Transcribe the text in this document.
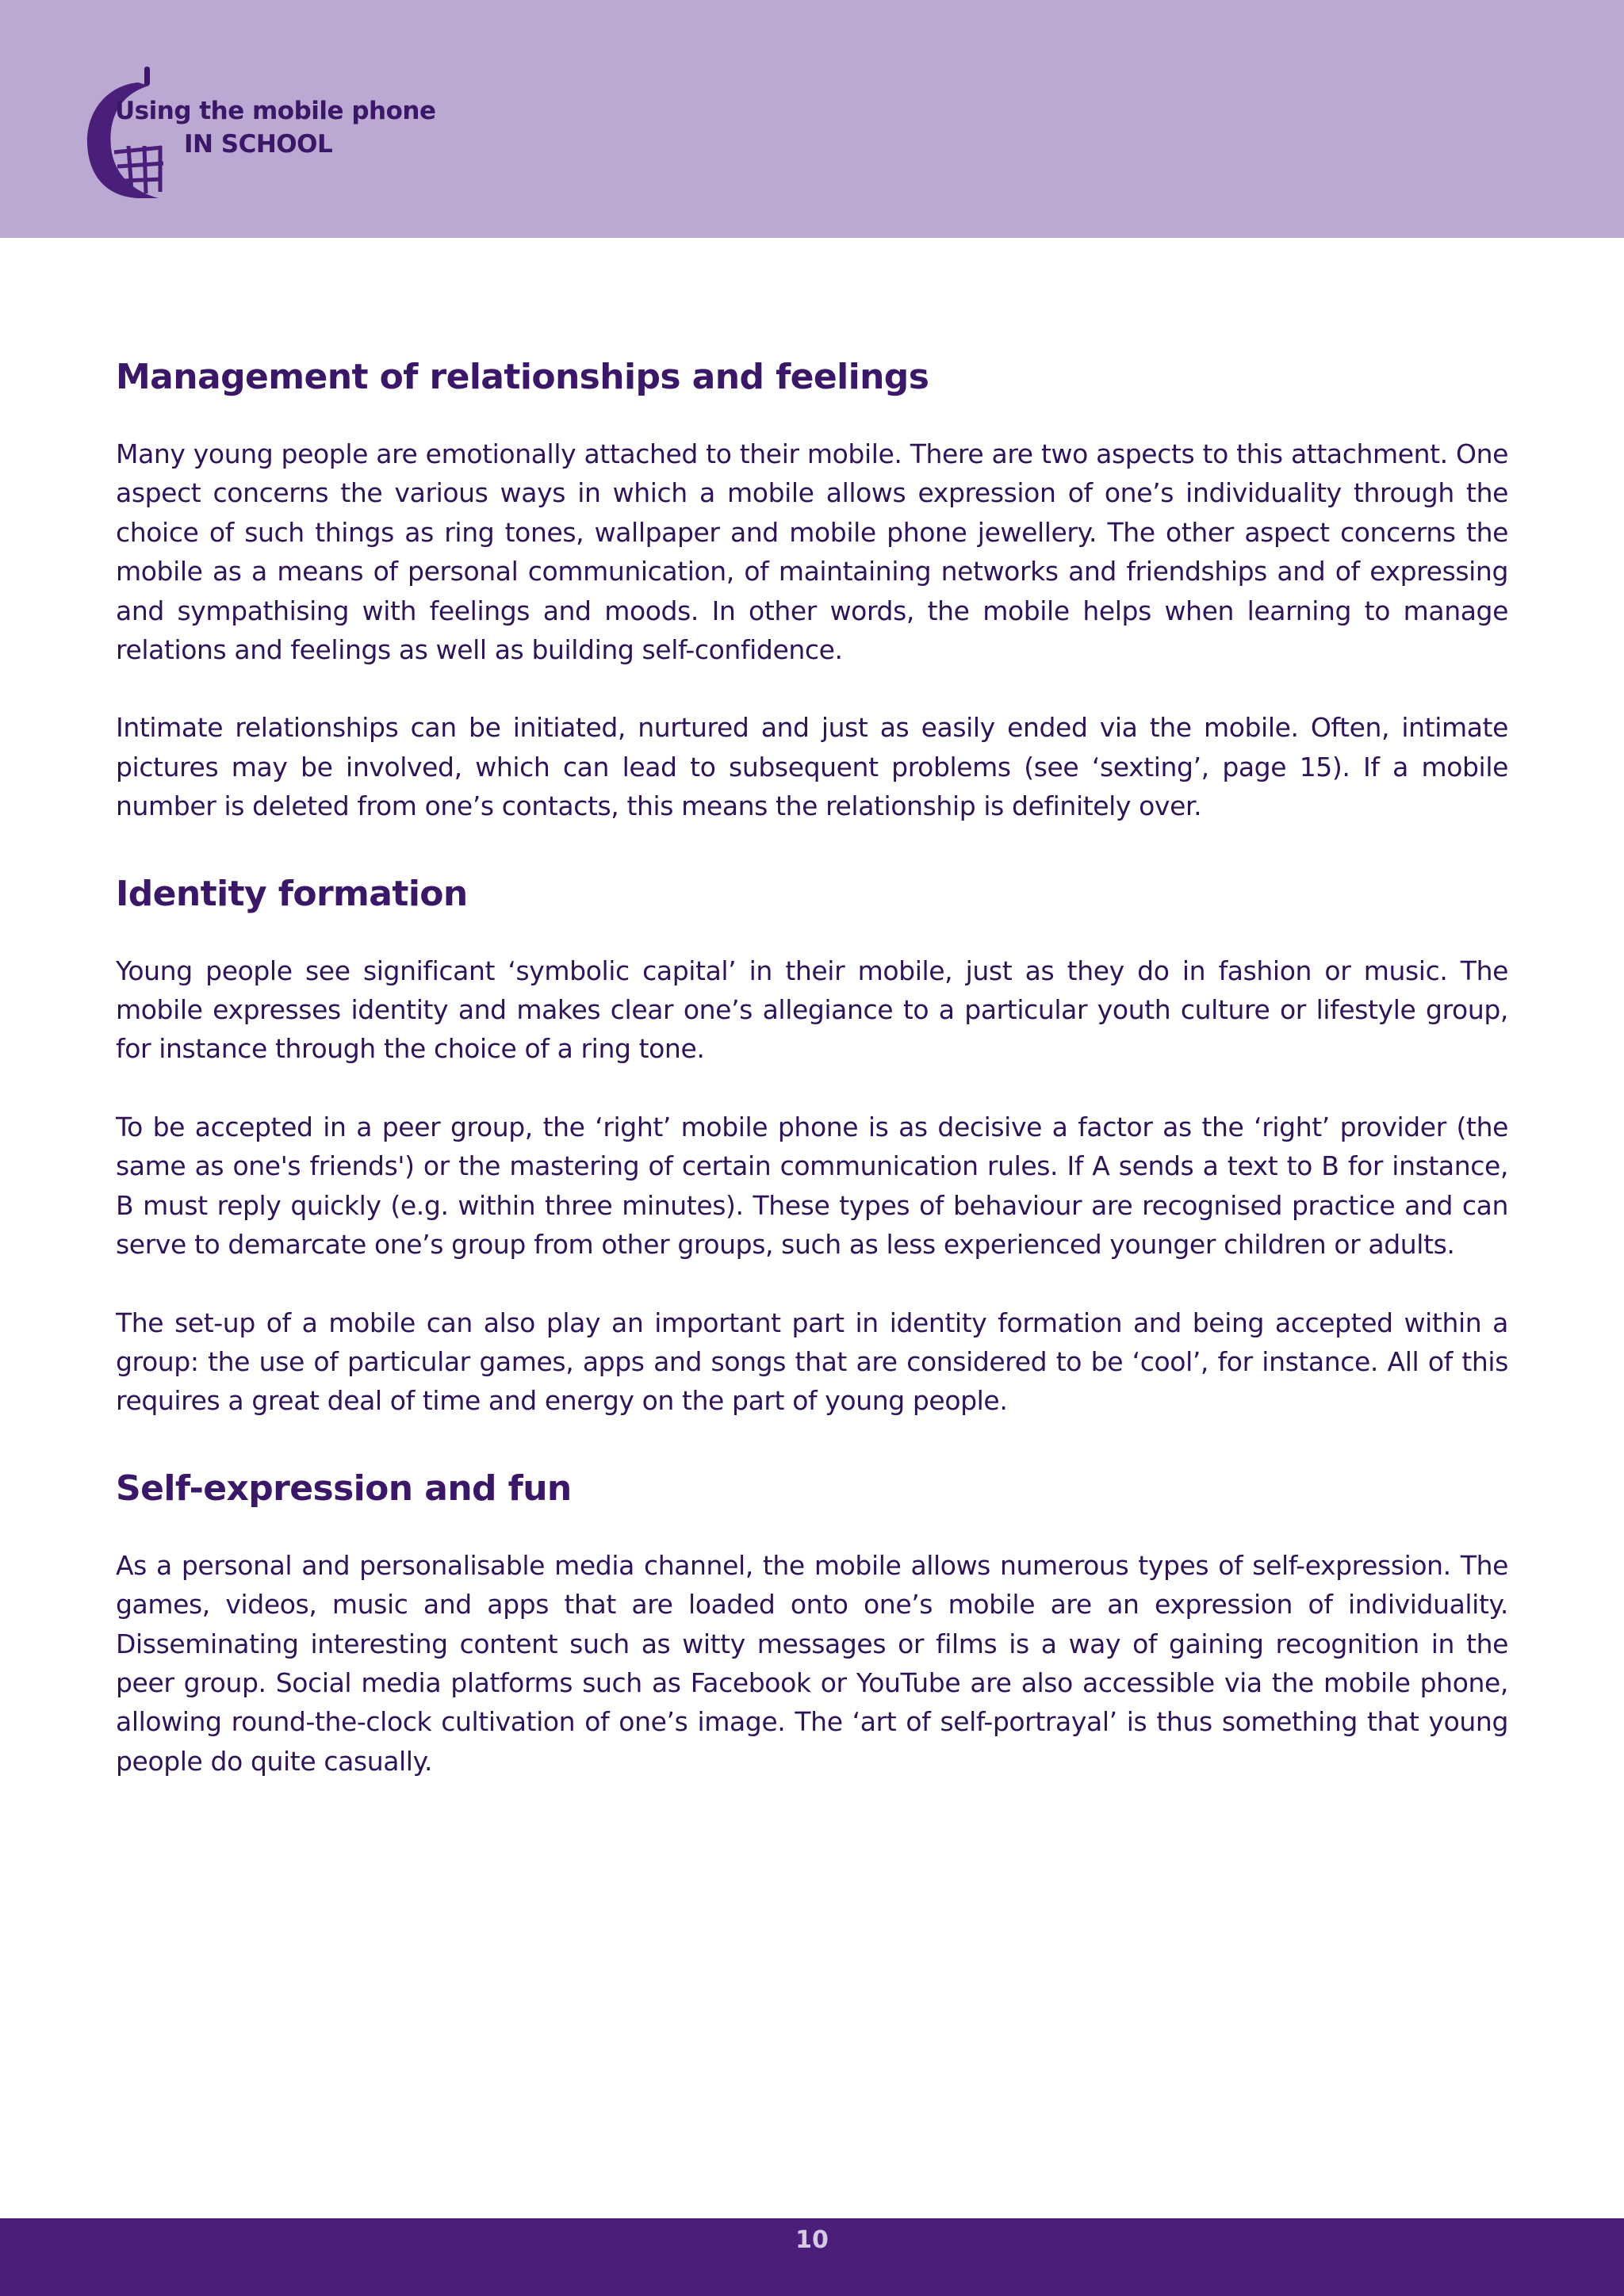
Using the mobile phone
IN SCHOOL
Management of relationships and feelings

Many young people are emotionally attached to their mobile. There are two aspects to this attachment. One aspect concerns the various ways in which a mobile allows expression of one’s individuality through the choice of such things as ring tones, wallpaper and mobile phone jewellery. The other aspect concerns the mobile as a means of personal communication, of maintaining networks and friendships and of expressing and sympathising with feelings and moods. In other words, the mobile helps when learning to manage relations and feelings as well as building self-confidence.

Intimate relationships can be initiated, nurtured and just as easily ended via the mobile. Often, intimate pictures may be involved, which can lead to subsequent problems (see ‘sexting’, page 15). If a mobile number is deleted from one’s contacts, this means the relationship is definitely over.

Identity formation

Young people see significant ‘symbolic capital’ in their mobile, just as they do in fashion or music. The mobile expresses identity and makes clear one’s allegiance to a particular youth culture or lifestyle group, for instance through the choice of a ring tone.

To be accepted in a peer group, the ‘right’ mobile phone is as decisive a factor as the ‘right’ provider (the same as one's friends') or the mastering of certain communication rules. If A sends a text to B for instance, B must reply quickly (e.g. within three minutes). These types of behaviour are recognised practice and can serve to demarcate one’s group from other groups, such as less experienced younger children or adults.

The set-up of a mobile can also play an important part in identity formation and being accepted within a group: the use of particular games, apps and songs that are considered to be ‘cool’, for instance. All of this requires a great deal of time and energy on the part of young people.

Self-expression and fun

As a personal and personalisable media channel, the mobile allows numerous types of self-expression. The games, videos, music and apps that are loaded onto one’s mobile are an expression of individuality. Disseminating interesting content such as witty messages or films is a way of gaining recognition in the peer group. Social media platforms such as Facebook or YouTube are also accessible via the mobile phone, allowing round-the-clock cultivation of one’s image. The ‘art of self-portrayal’ is thus something that young people do quite casually.

10
